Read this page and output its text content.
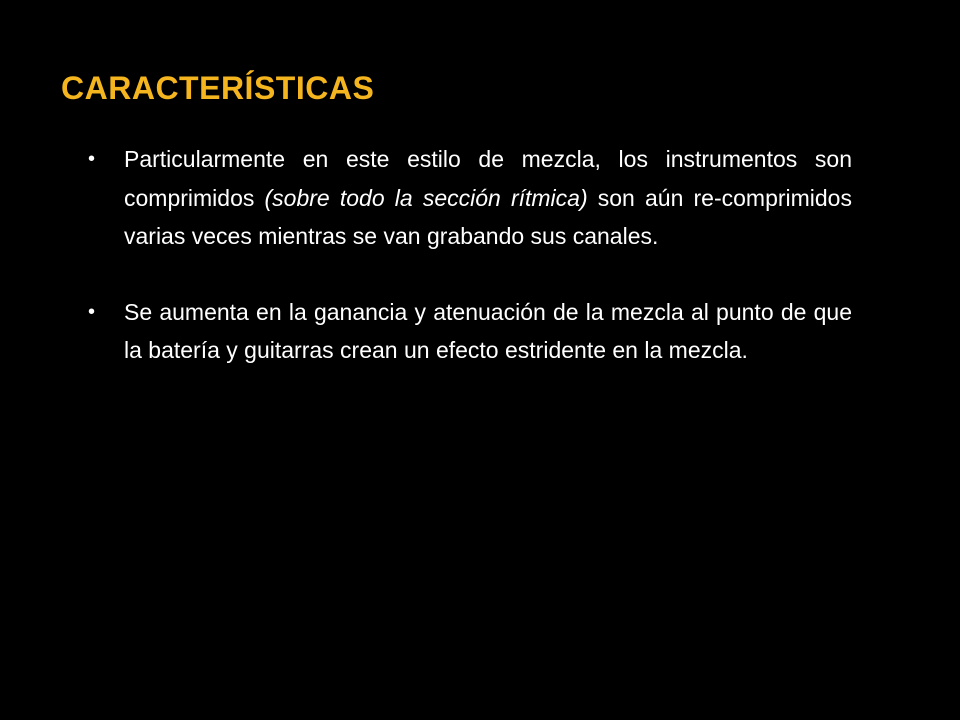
CARACTERÍSTICAS
• Particularmente en este estilo de mezcla, los instrumentos son comprimidos (sobre todo la sección rítmica) son aún re-comprimidos varias veces mientras se van grabando sus canales.
• Se aumenta en la ganancia y atenuación de la mezcla al punto de que la batería y guitarras crean un efecto estridente en la mezcla.
